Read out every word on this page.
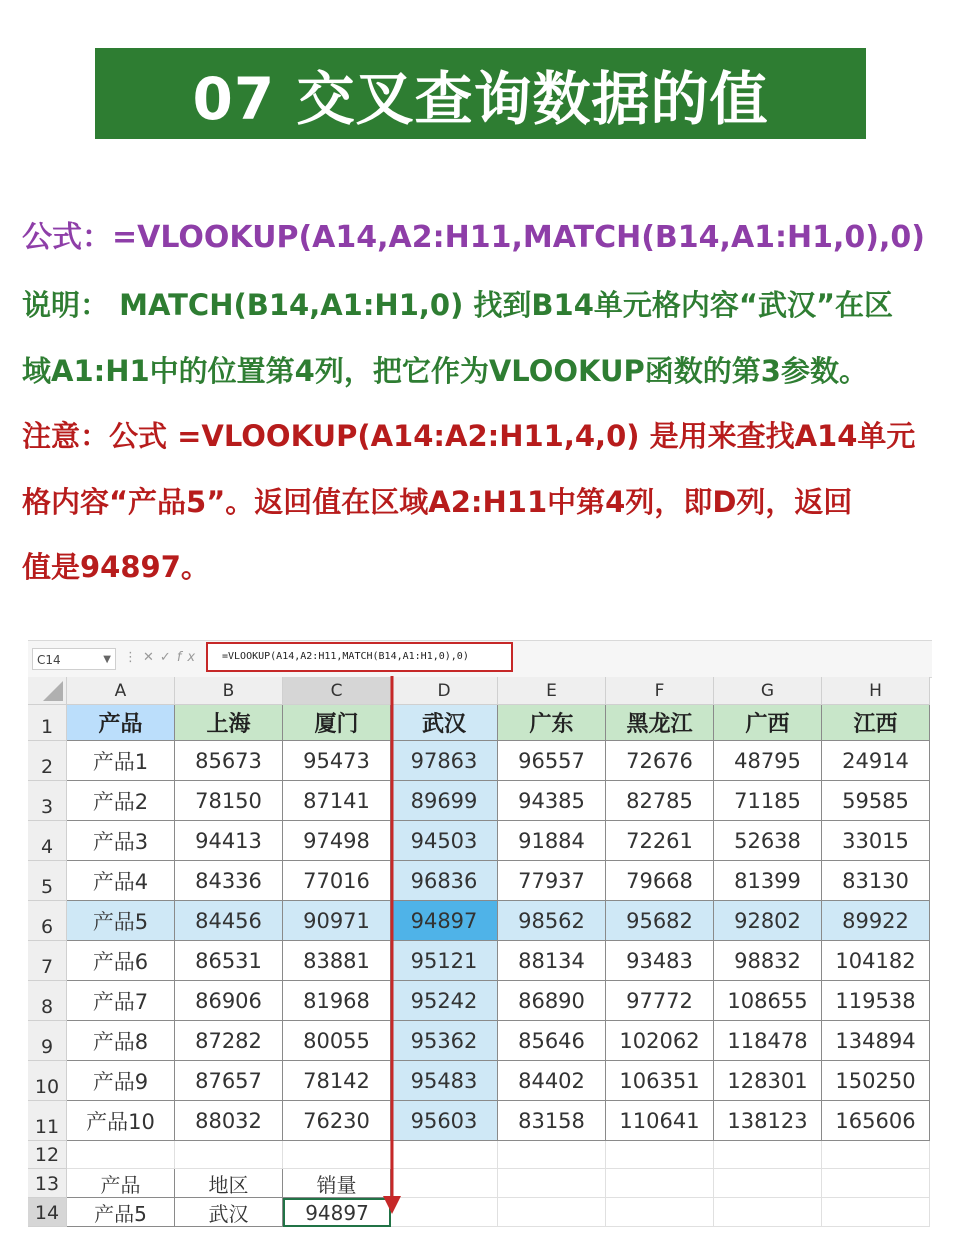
07 交叉查询数据的值
公式：=VLOOKUP(A14,A2:H11,MATCH(B14,A1:H1,0),0)
说明： MATCH(B14,A1:H1,0) 找到B14单元格内容“武汉”在区
域A1:H1中的位置第4列，把它作为VLOOKUP函数的第3参数。
注意：公式 =VLOOKUP(A14:A2:H11,4,0) 是用来查找A14单元
格内容“产品5”。返回值在区域A2:H11中第4列，即D列，返回
值是94897。
C14	▼ ⋮✕✓fx	=VLOOKUP(A14,A2:H11,MATCH(B14,A1:H1,0),0)
A	B	C	D	E	F	G	H
1	产品	上海	厦门	武汉	广东	黑龙江	广西	江西
2	产品1	85673	95473	97863	96557	72676	48795	24914
3	产品2	78150	87141	89699	94385	82785	71185	59585
4	产品3	94413	97498	94503	91884	72261	52638	33015
5	产品4	84336	77016	96836	77937	79668	81399	83130
6	产品5	84456	90971	94897	98562	95682	92802	89922
7	产品6	86531	83881	95121	88134	93483	98832	104182
8	产品7	86906	81968	95242	86890	97772	108655	119538
9	产品8	87282	80055	95362	85646	102062	118478	134894
10	产品9	87657	78142	95483	84402	106351	128301	150250
11	产品10	88032	76230	95603	83158	110641	138123	165606
12
13	产品	地区	销量
14	产品5	武汉	94897
